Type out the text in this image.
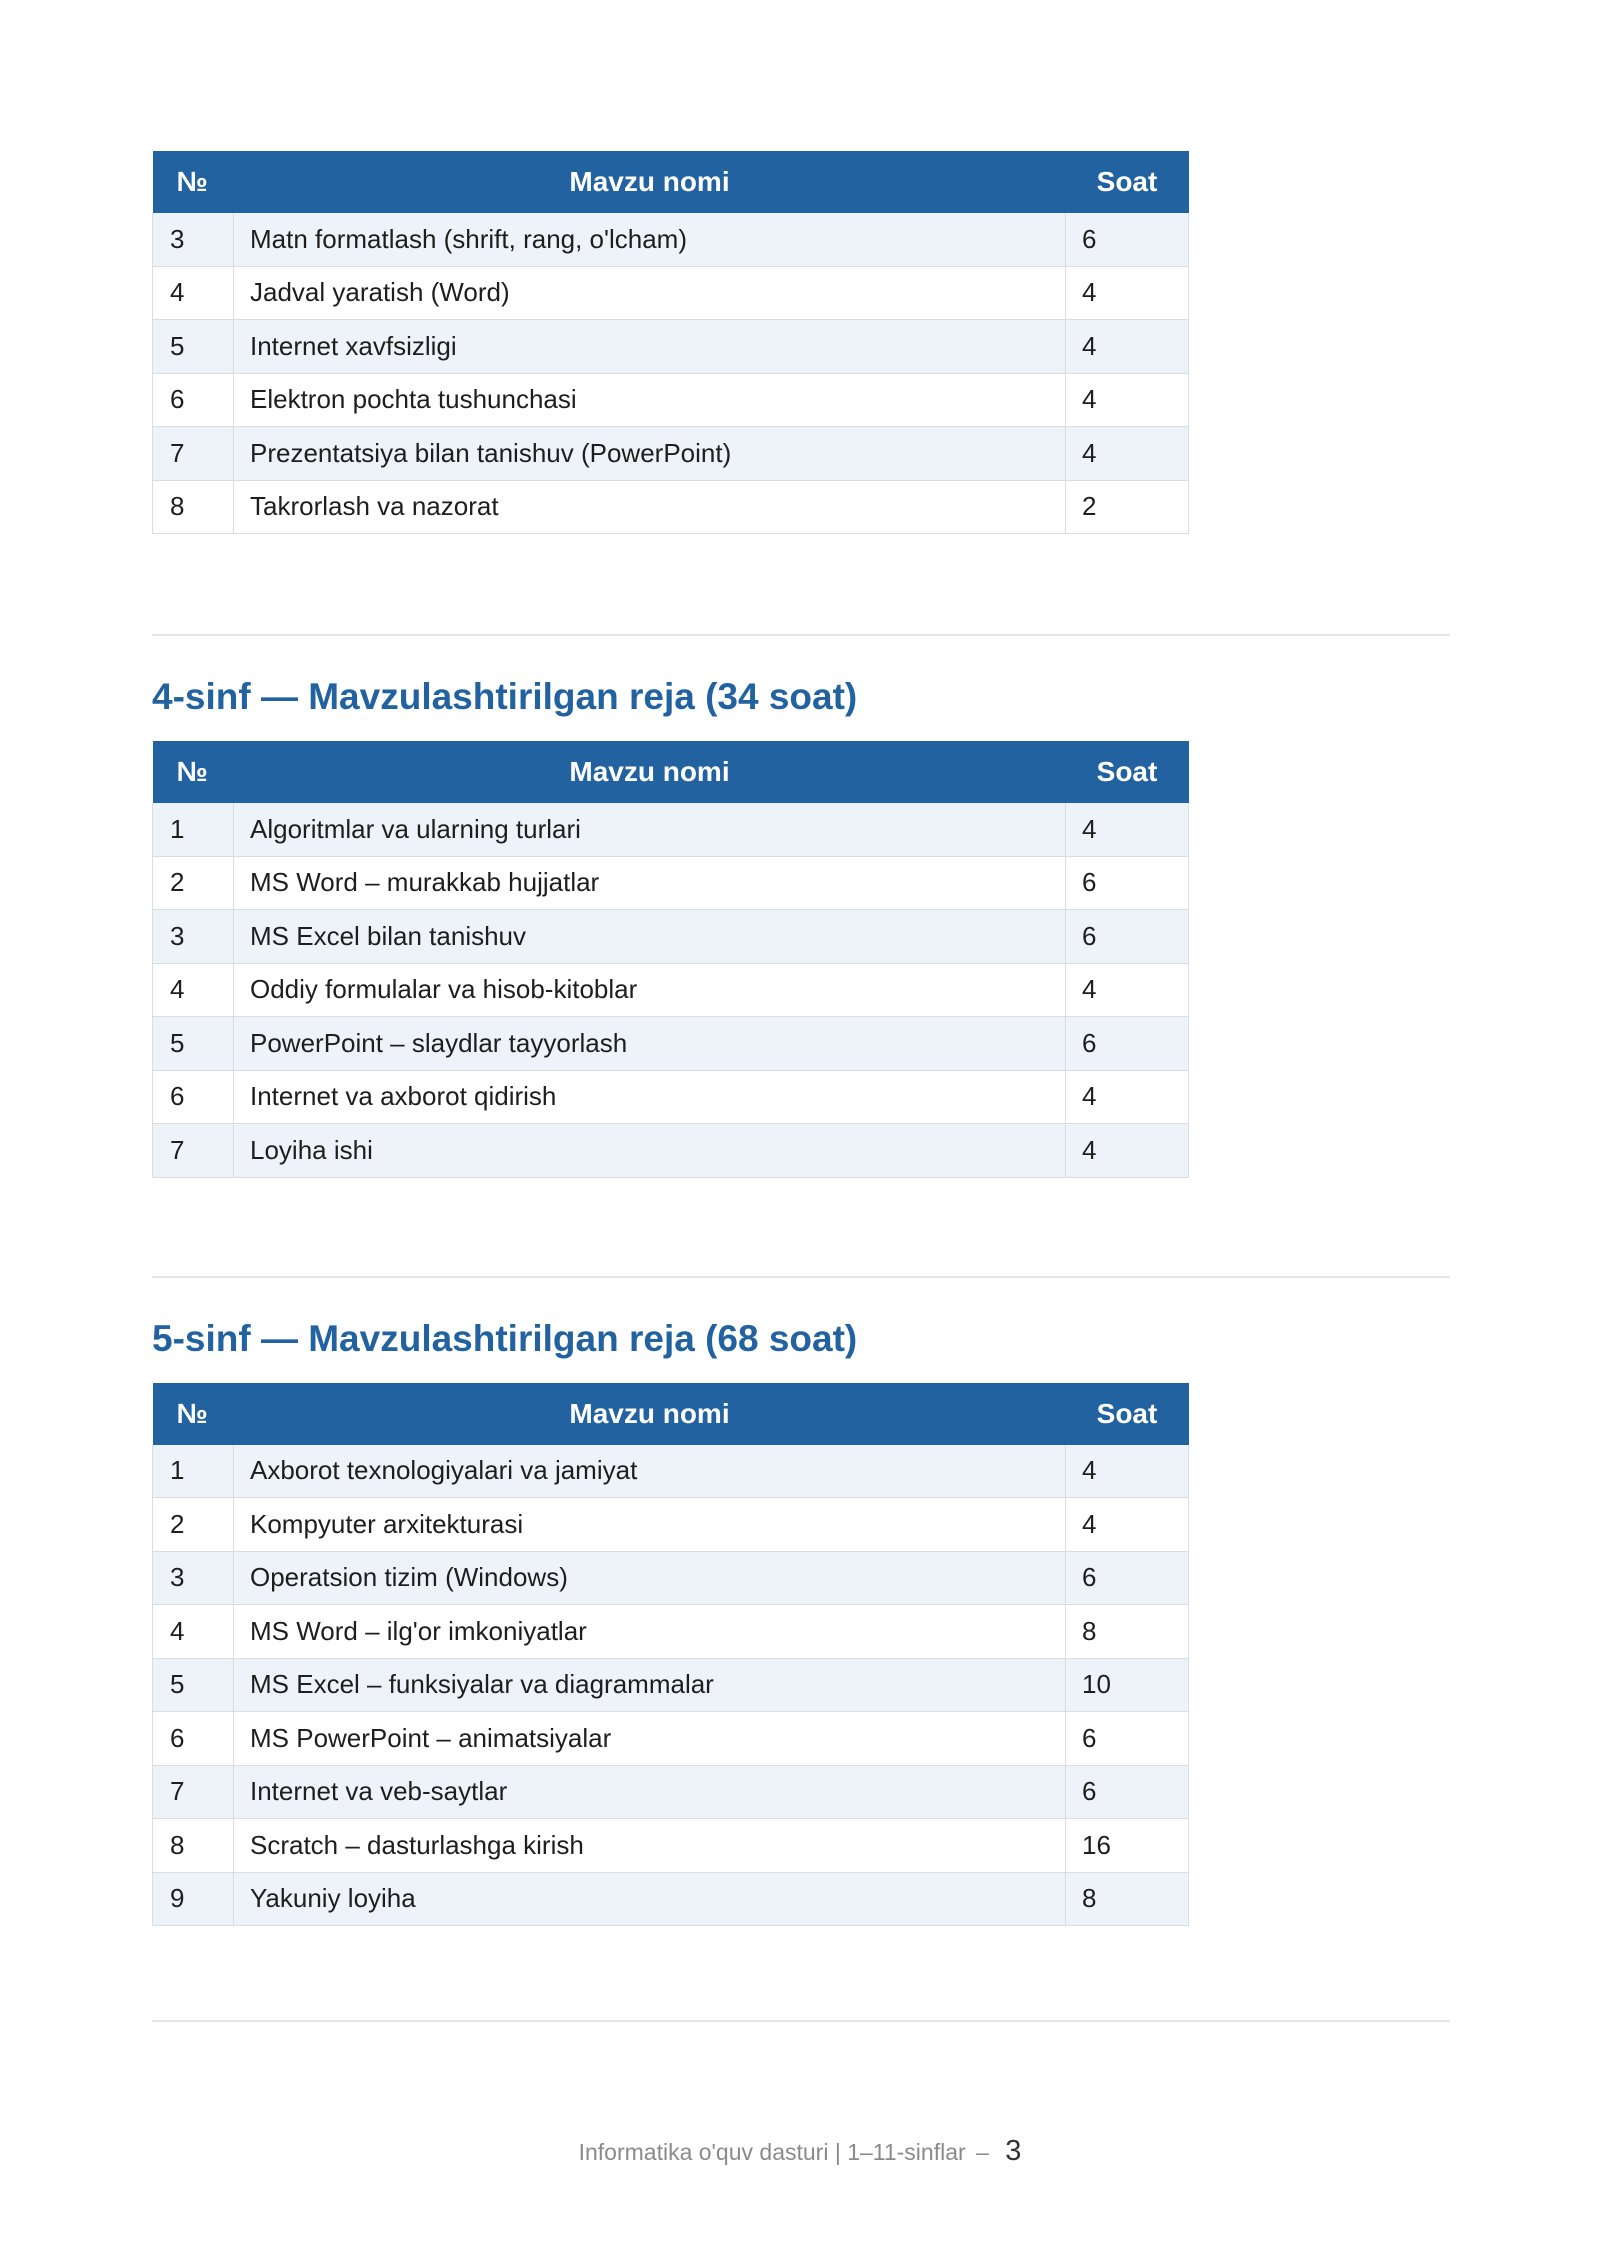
№	Mavzu nomi	Soat
3	Matn formatlash (shrift, rang, o'lcham)	6
4	Jadval yaratish (Word)	4
5	Internet xavfsizligi	4
6	Elektron pochta tushunchasi	4
7	Prezentatsiya bilan tanishuv (PowerPoint)	4
8	Takrorlash va nazorat	2
4-sinf — Mavzulashtirilgan reja (34 soat)
№	Mavzu nomi	Soat
1	Algoritmlar va ularning turlari	4
2	MS Word – murakkab hujjatlar	6
3	MS Excel bilan tanishuv	6
4	Oddiy formulalar va hisob-kitoblar	4
5	PowerPoint – slaydlar tayyorlash	6
6	Internet va axborot qidirish	4
7	Loyiha ishi	4
5-sinf — Mavzulashtirilgan reja (68 soat)
№	Mavzu nomi	Soat
1	Axborot texnologiyalari va jamiyat	4
2	Kompyuter arxitekturasi	4
3	Operatsion tizim (Windows)	6
4	MS Word – ilg'or imkoniyatlar	8
5	MS Excel – funksiyalar va diagrammalar	10
6	MS PowerPoint – animatsiyalar	6
7	Internet va veb-saytlar	6
8	Scratch – dasturlashga kirish	16
9	Yakuniy loyiha	8
Informatika o'quv dasturi | 1–11-sinflar – 3
